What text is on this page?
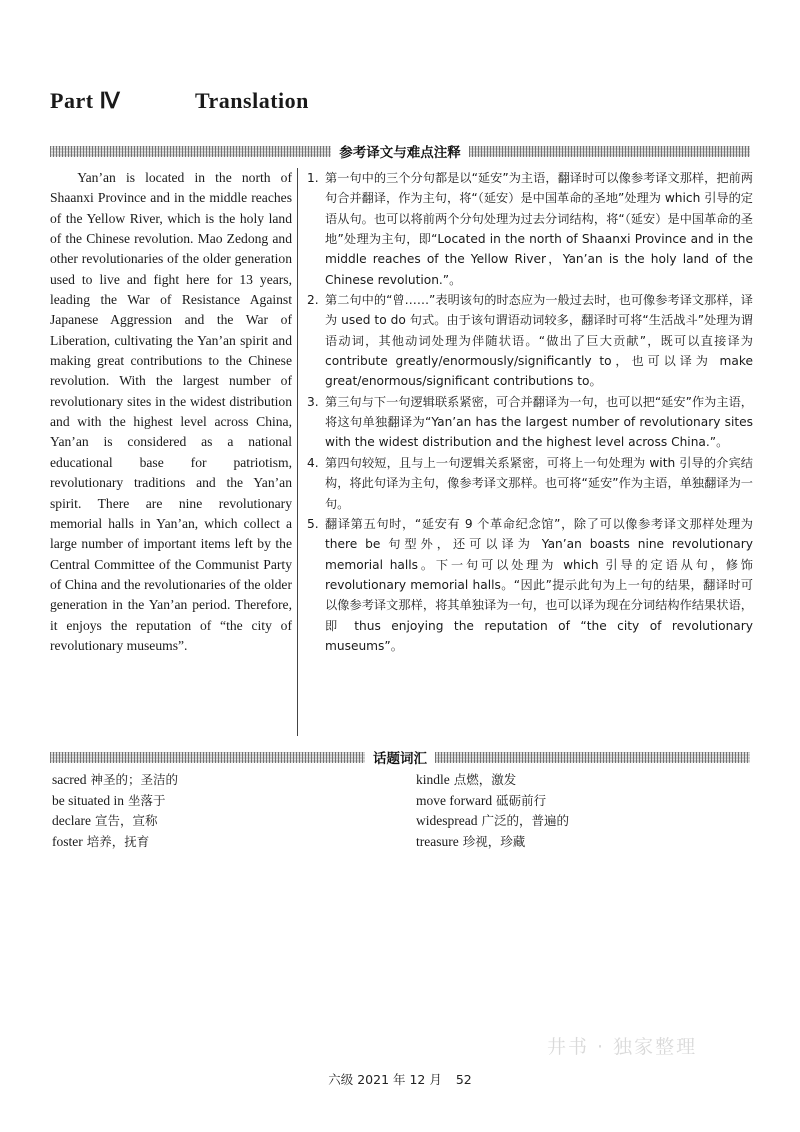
Part Ⅳ	Translation
参考译文与难点注释
Yan’an is located in the north of Shaanxi Province and in the middle reaches of the Yellow River, which is the holy land of the Chinese revolution. Mao Zedong and other revolutionaries of the older generation used to live and fight here for 13 years, leading the War of Resistance Against Japanese Aggression and the War of Liberation, cultivating the Yan’an spirit and making great contributions to the Chinese revolution. With the largest number of revolutionary sites in the widest distribution and with the highest level across China, Yan’an is considered as a national educational base for patriotism, revolutionary traditions and the Yan’an spirit. There are nine revolutionary memorial halls in Yan’an, which collect a large number of important items left by the Central Committee of the Communist Party of China and the revolutionaries of the older generation in the Yan’an period. Therefore, it enjoys the reputation of “the city of revolutionary museums”.
1. 第一句中的三个分句都是以“延安”为主语，翻译时可以像参考译文那样，把前两句合并翻译，作为主句，将“（延安）是中国革命的圣地”处理为 which 引导的定语从句。也可以将前两个分句处理为过去分词结构，将“（延安）是中国革命的圣地”处理为主句，即“Located in the north of Shaanxi Province and in the middle reaches of the Yellow River，Yan’an is the holy land of the Chinese revolution.”。
2. 第二句中的“曾……”表明该句的时态应为一般过去时，也可像参考译文那样，译为 used to do 句式。由于该句谓语动词较多，翻译时可将“生活战斗”处理为谓语动词，其他动词处理为伴随状语。“做出了巨大贡献”，既可以直接译为 contribute greatly/enormously/significantly to，也可以译为 make great/enormous/significant contributions to。
3. 第三句与下一句逻辑联系紧密，可合并翻译为一句，也可以把“延安”作为主语，将这句单独翻译为“Yan’an has the largest number of revolutionary sites with the widest distribution and the highest level across China.”。
4. 第四句较短，且与上一句逻辑关系紧密，可将上一句处理为 with 引导的介宾结构，将此句译为主句，像参考译文那样。也可将“延安”作为主语，单独翻译为一句。
5. 翻译第五句时，“延安有 9 个革命纪念馆”，除了可以像参考译文那样处理为 there be 句型外，还可以译为 Yan’an boasts nine revolutionary memorial halls。下一句可以处理为 which 引导的定语从句，修饰 revolutionary memorial halls。“因此”提示此句为上一句的结果，翻译时可以像参考译文那样，将其单独译为一句，也可以译为现在分词结构作结果状语，即 thus enjoying the reputation of “the city of revolutionary museums”。
话题词汇
sacred 神圣的；圣洁的
be situated in 坐落于
declare 宣告，宣称
foster 培养，抚育
kindle 点燃，激发
move forward 砥砺前行
widespread 广泛的，普遍的
treasure 珍视，珍藏
井书 · 独家整理
六级 2021 年 12 月 52
